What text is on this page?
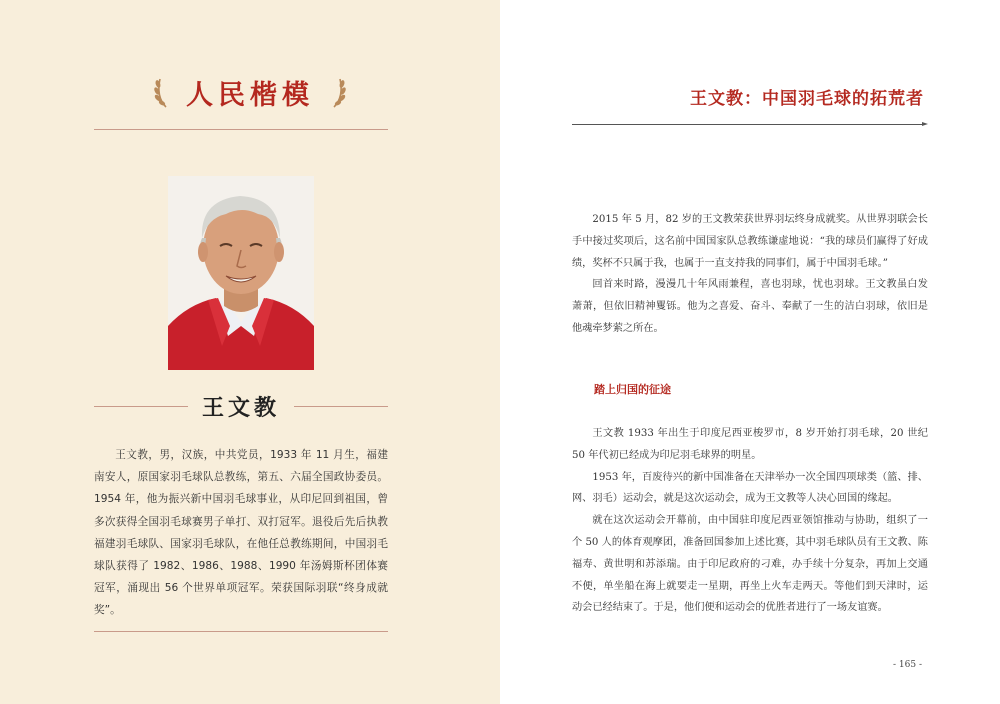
人民楷模
王文教

王文教，男，汉族，中共党员，1933 年 11 月生，福建南安人，原国家羽毛球队总教练，第五、六届全国政协委员。1954 年，他为振兴新中国羽毛球事业，从印尼回到祖国，曾多次获得全国羽毛球赛男子单打、双打冠军。退役后先后执教福建羽毛球队、国家羽毛球队，在他任总教练期间，中国羽毛球队获得了 1982、1986、1988、1990 年汤姆斯杯团体赛冠军，涌现出 56 个世界单项冠军。荣获国际羽联“终身成就奖”。

王文教：中国羽毛球的拓荒者

2015 年 5 月，82 岁的王文教荣获世界羽坛终身成就奖。从世界羽联会长手中接过奖项后，这名前中国国家队总教练谦虚地说：“我的球员们赢得了好成绩，奖杯不只属于我，也属于一直支持我的同事们，属于中国羽毛球。”

回首来时路，漫漫几十年风雨兼程，喜也羽球，忧也羽球。王文教虽白发萧萧，但依旧精神矍铄。他为之喜爱、奋斗、奉献了一生的洁白羽球，依旧是他魂牵梦萦之所在。

踏上归国的征途

王文教 1933 年出生于印度尼西亚梭罗市，8 岁开始打羽毛球，20 世纪 50 年代初已经成为印尼羽毛球界的明星。

1953 年，百废待兴的新中国准备在天津举办一次全国四项球类（篮、排、网、羽毛）运动会，就是这次运动会，成为王文教等人决心回国的缘起。

就在这次运动会开幕前，由中国驻印度尼西亚领馆推动与协助，组织了一个 50 人的体育观摩团，准备回国参加上述比赛，其中羽毛球队员有王文教、陈福寿、黄世明和苏添瑞。由于印尼政府的刁难，办手续十分复杂，再加上交通不便，单坐船在海上就要走一星期，再坐上火车走两天。等他们到天津时，运动会已经结束了。于是，他们便和运动会的优胜者进行了一场友谊赛。

- 165 -
